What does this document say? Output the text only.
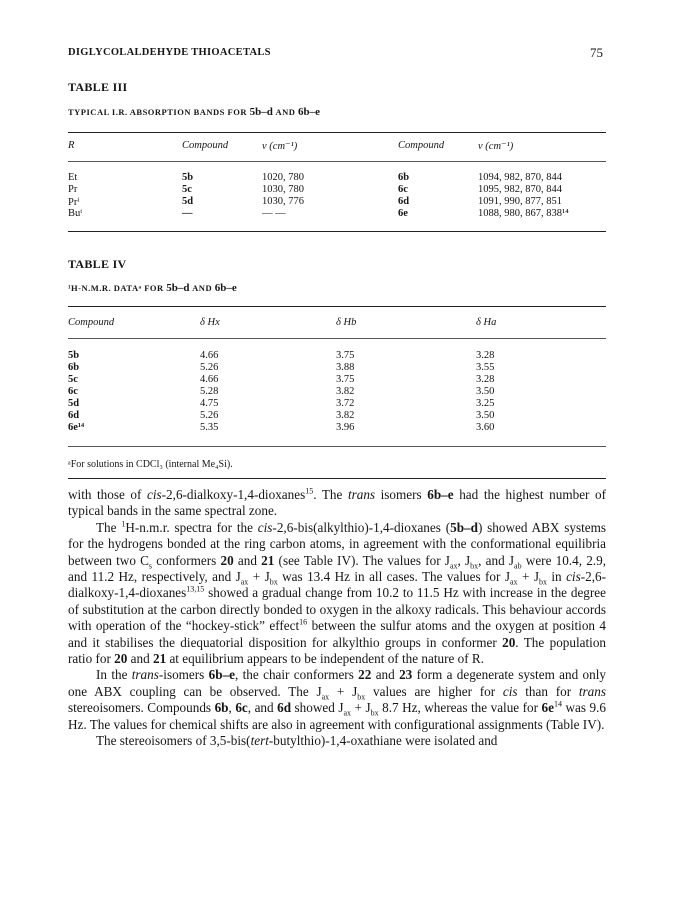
DIGLYCOLALDEHYDE THIOACETALS	75
TABLE III
TYPICAL I.R. ABSORPTION BANDS FOR 5b–d AND 6b–e
R	Compound	ν (cm⁻¹)	Compound	ν (cm⁻¹)
Et	5b	1020, 780	6b	1094, 982, 870, 844
Pr	5c	1030, 780	6c	1095, 982, 870, 844
Prⁱ	5d	1030, 776	6d	1091, 990, 877, 851
Buᵗ	—	— —	6e	1088, 980, 867, 838¹⁴
TABLE IV
¹H-N.M.R. DATAᵃ FOR 5b–d AND 6b–e
Compound	δ Hx	δ Hb	δ Ha
5b	4.66	3.75	3.28
6b	5.26	3.88	3.55
5c	4.66	3.75	3.28
6c	5.28	3.82	3.50
5d	4.75	3.72	3.25
6d	5.26	3.82	3.50
6e¹⁴	5.35	3.96	3.60
ᵃFor solutions in CDCl₃ (internal Me₄Si).

with those of cis-2,6-dialkoxy-1,4-dioxanes$^{15}$. The trans isomers 6b–e had the highest number of typical bands in the same spectral zone.

The $^1$H-n.m.r. spectra for the cis-2,6-bis(alkylthio)-1,4-dioxanes (5b–d) showed ABX systems for the hydrogens bonded at the ring carbon atoms, in agreement with the conformational equilibria between two $C_s$ conformers 20 and 21 (see Table IV). The values for $J_{ax}$, $J_{bx}$, and $J_{ab}$ were 10.4, 2.9, and 11.2 Hz, respectively, and $J_{ax} + J_{bx}$ was 13.4 Hz in all cases. The values for $J_{ax} + J_{bx}$ in cis-2,6-dialkoxy-1,4-dioxanes$^{13,15}$ showed a gradual change from 10.2 to 11.5 Hz with increase in the degree of substitution at the carbon directly bonded to oxygen in the alkoxy radicals. This behaviour accords with operation of the “hockey-stick” effect$^{16}$ between the sulfur atoms and the oxygen at position 4 and it stabilises the diequatorial disposition for alkylthio groups in conformer 20. The population ratio for 20 and 21 at equilibrium appears to be independent of the nature of R.

In the trans-isomers 6b–e, the chair conformers 22 and 23 form a degenerate system and only one ABX coupling can be observed. The $J_{ax} + J_{bx}$ values are higher for cis than for trans stereoisomers. Compounds 6b, 6c, and 6d showed $J_{ax} + J_{bx}$ 8.7 Hz, whereas the value for $6e^{14}$ was 9.6 Hz. The values for chemical shifts are also in agreement with configurational assignments (Table IV).

The stereoisomers of 3,5-bis(tert-butylthio)-1,4-oxathiane were isolated and
